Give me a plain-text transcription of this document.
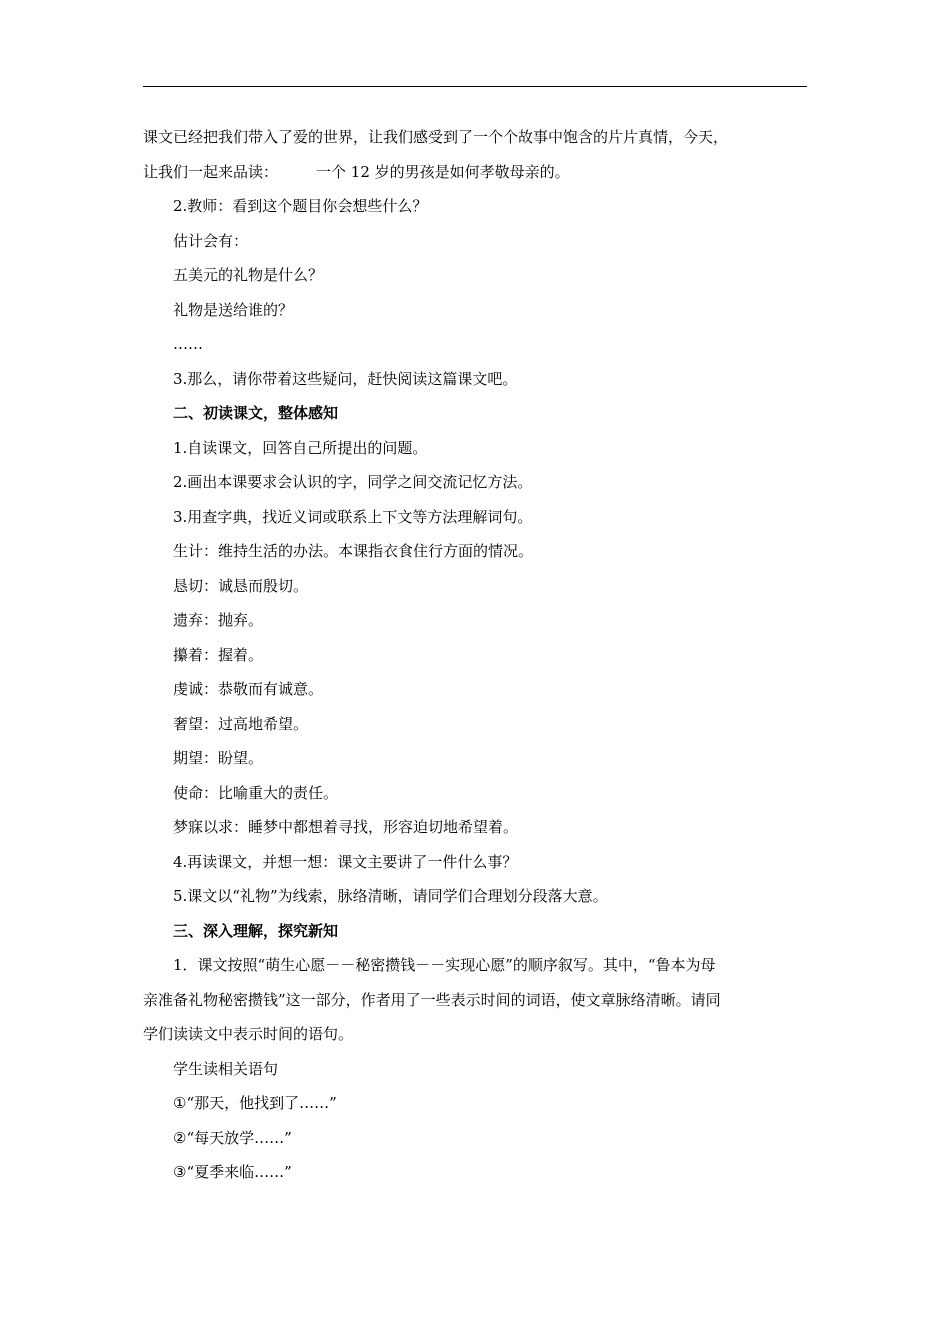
课文已经把我们带入了爱的世界，让我们感受到了一个个故事中饱含的片片真情，今天，
让我们一起来品读：	一个 12 岁的男孩是如何孝敬母亲的。
2.教师：看到这个题目你会想些什么？
估计会有：
五美元的礼物是什么？
礼物是送给谁的？
……
3.那么，请你带着这些疑问，赶快阅读这篇课文吧。
二、初读课文，整体感知
1.自读课文，回答自己所提出的问题。
2.画出本课要求会认识的字，同学之间交流记忆方法。
3.用查字典，找近义词或联系上下文等方法理解词句。
生计：维持生活的办法。本课指衣食住行方面的情况。
恳切：诚恳而殷切。
遗弃：抛弃。
攥着：握着。
虔诚：恭敬而有诚意。
奢望：过高地希望。
期望：盼望。
使命：比喻重大的责任。
梦寐以求：睡梦中都想着寻找，形容迫切地希望着。
4.再读课文，并想一想：课文主要讲了一件什么事？
5.课文以“礼物”为线索，脉络清晰，请同学们合理划分段落大意。
三、深入理解，探究新知
1．课文按照“萌生心愿－－秘密攒钱－－实现心愿”的顺序叙写。其中，“鲁本为母
亲准备礼物秘密攒钱”这一部分，作者用了一些表示时间的词语，使文章脉络清晰。请同
学们读读文中表示时间的语句。
学生读相关语句
①“那天，他找到了……”
②“每天放学……”
③“夏季来临……”
